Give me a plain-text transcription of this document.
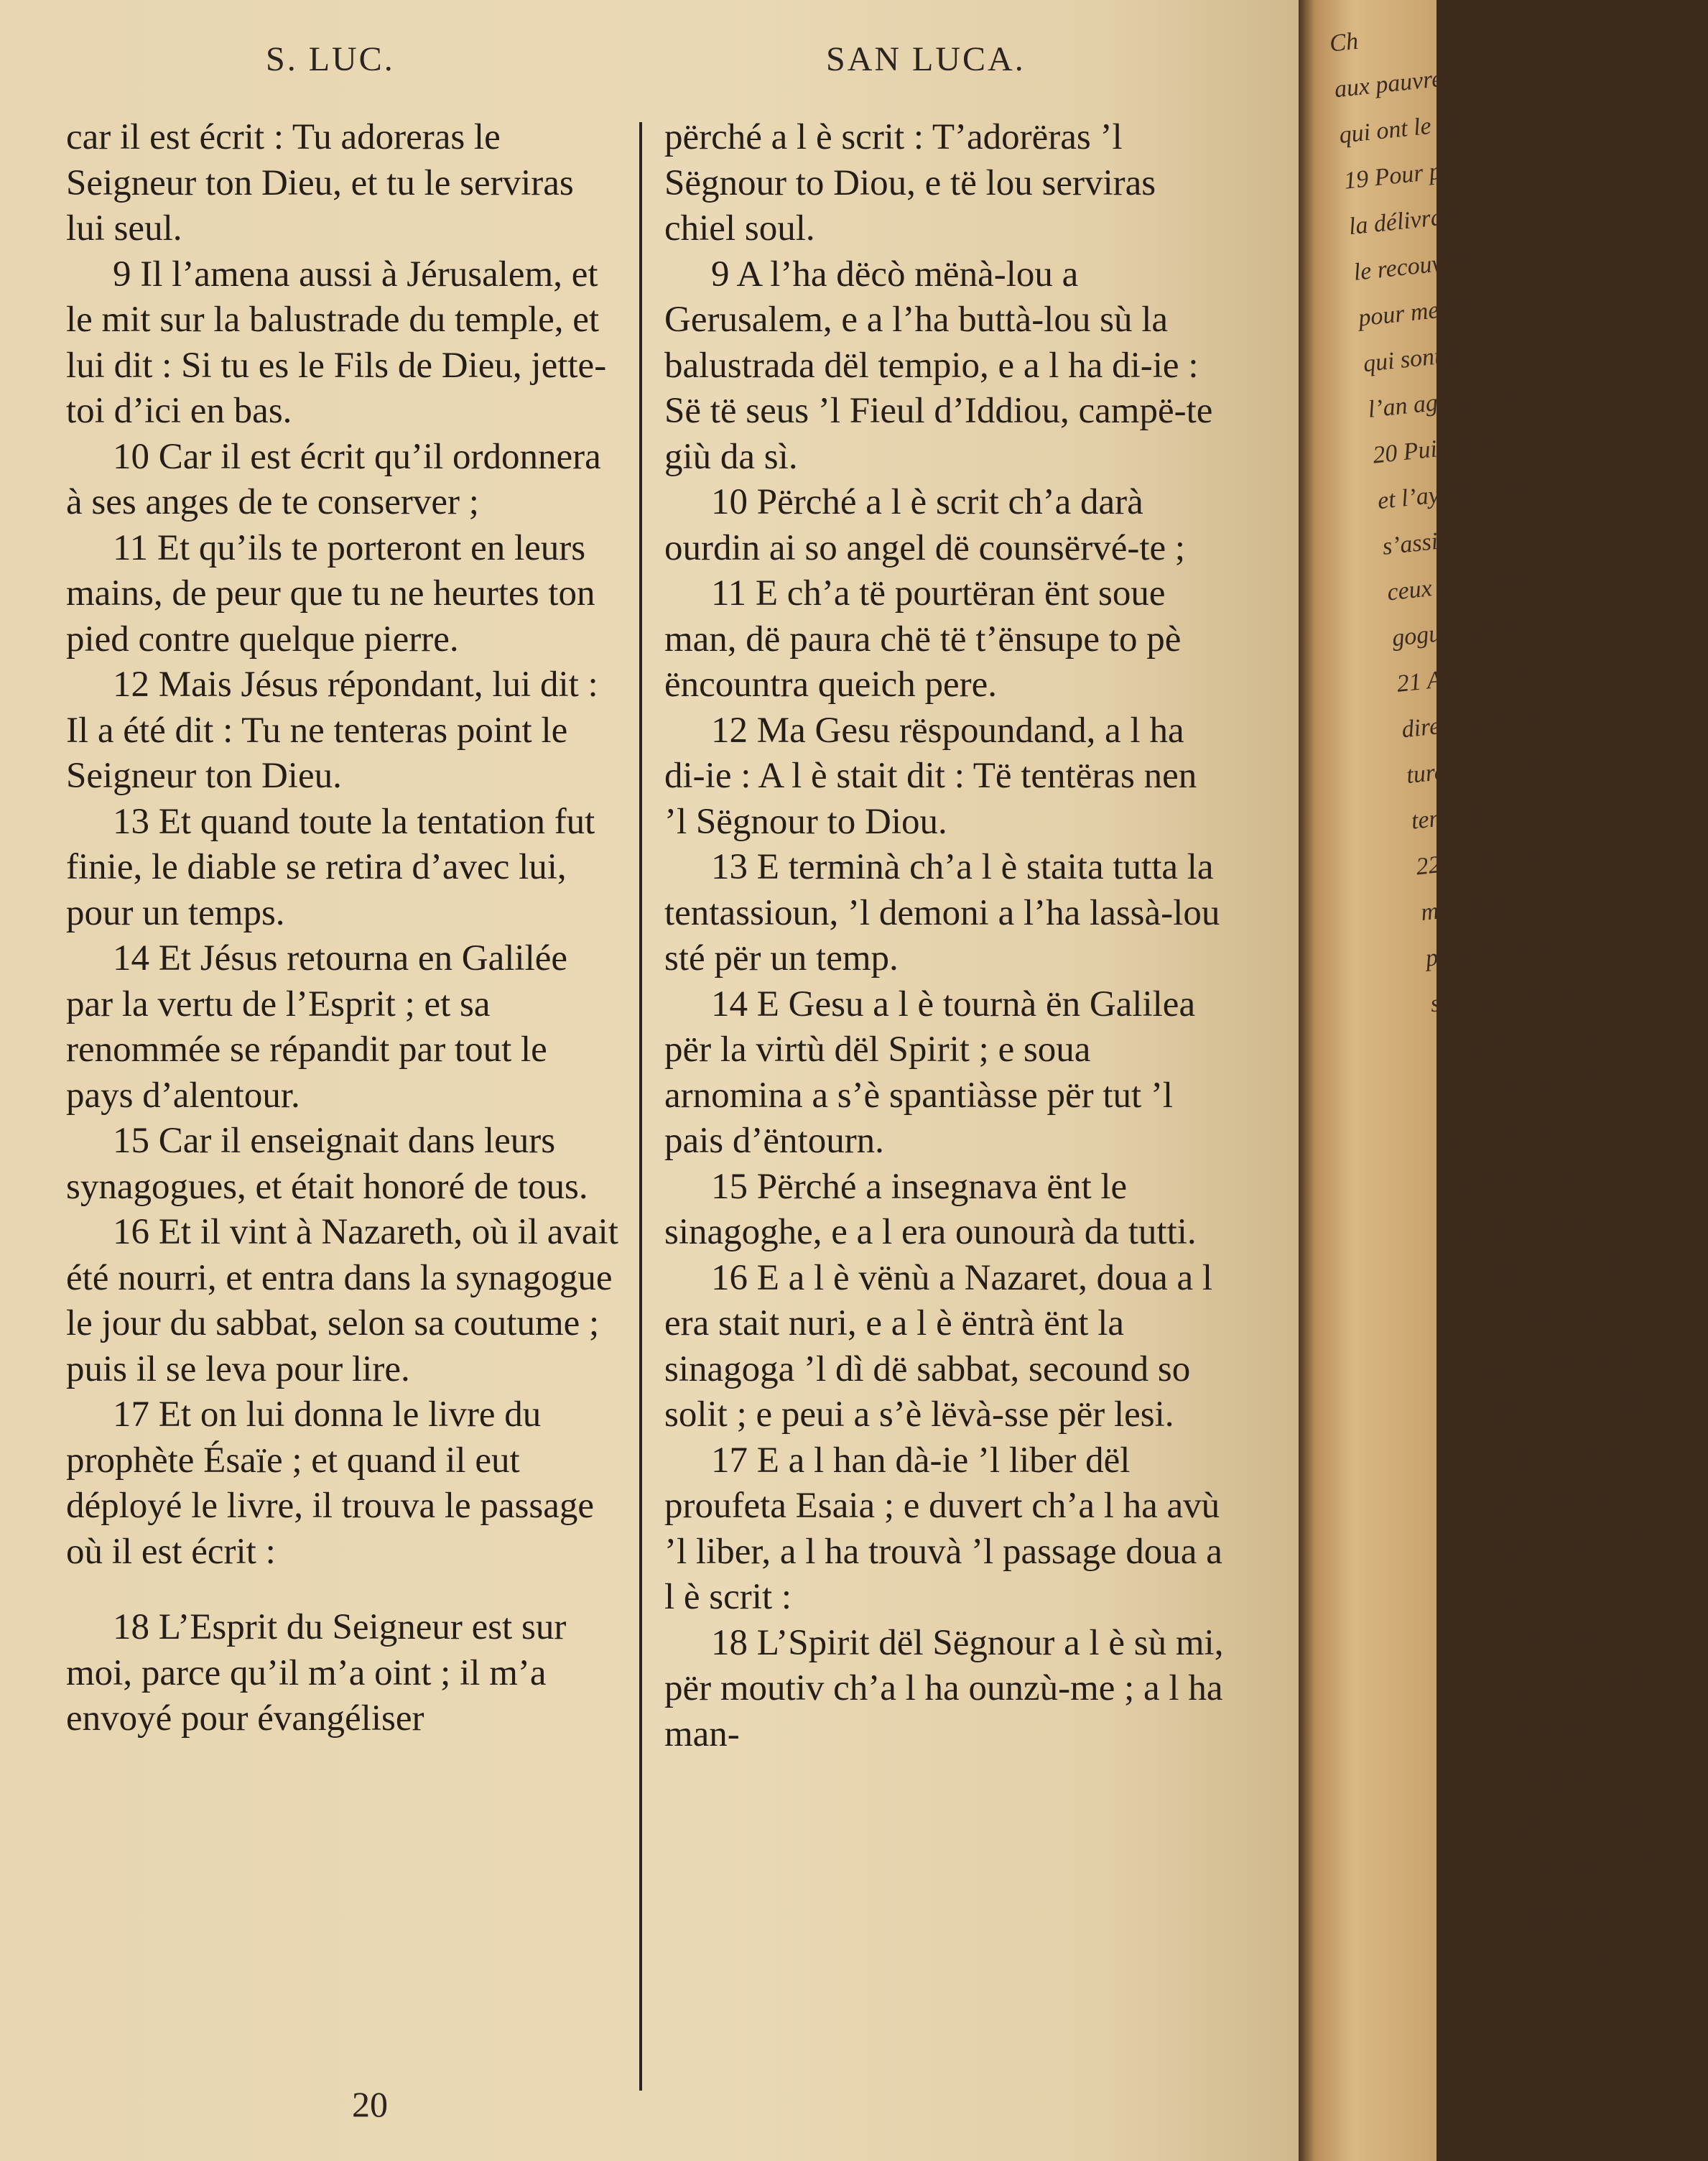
S. LUC.	SAN LUCA.

car il est écrit : Tu adoreras le Seigneur ton Dieu, et tu le serviras lui seul.

9 Il l’amena aussi à Jérusalem, et le mit sur la balustrade du temple, et lui dit : Si tu es le Fils de Dieu, jette-toi d’ici en bas.

10 Car il est écrit qu’il ordonnera à ses anges de te conserver ;

11 Et qu’ils te porteront en leurs mains, de peur que tu ne heurtes ton pied contre quelque pierre.

12 Mais Jésus répondant, lui dit : Il a été dit : Tu ne tenteras point le Seigneur ton Dieu.

13 Et quand toute la tentation fut finie, le diable se retira d’avec lui, pour un temps.

14 Et Jésus retourna en Galilée par la vertu de l’Esprit ; et sa renommée se répandit par tout le pays d’alentour.

15 Car il enseignait dans leurs synagogues, et était honoré de tous.

16 Et il vint à Nazareth, où il avait été nourri, et entra dans la synagogue le jour du sabbat, selon sa coutume ; puis il se leva pour lire.

17 Et on lui donna le livre du prophète Ésaïe ; et quand il eut déployé le livre, il trouva le passage où il est écrit :

18 L’Esprit du Seigneur est sur moi, parce qu’il m’a oint ; il m’a envoyé pour évangéliser

përché a l è scrit : T’adorëras ’l Sëgnour to Diou, e të lou serviras chiel soul.

9 A l’ha dëcò mënà-lou a Gerusalem, e a l’ha buttà-lou sù la balustrada dël tempio, e a l ha di-ie : Së të seus ’l Fieul d’Iddiou, campë-te giù da sì.

10 Përché a l è scrit ch’a darà ourdin ai so angel dë counsërvé-te ;

11 E ch’a të pourtëran ënt soue man, dë paura chë të t’ënsupe to pè ëncountra queich pere.

12 Ma Gesu rëspoundand, a l ha di-ie : A l è stait dit : Të tentëras nen ’l Sëgnour to Diou.

13 E terminà ch’a l è staita tutta la tentassioun, ’l demoni a l’ha lassà-lou sté për un temp.

14 E Gesu a l è tournà ën Galilea për la virtù dël Spirit ; e soua arnomina a s’è spantiàsse për tut ’l pais d’ëntourn.

15 Përché a insegnava ënt le sinagoghe, e a l era ounourà da tutti.

16 E a l è vënù a Nazaret, doua a l era stait nuri, e a l è ëntrà ënt la sinagoga ’l dì dë sabbat, secound so solit ; e peui a s’è lëvà-sse për lesi.

17 E a l han dà-ie ’l liber dël proufeta Esaia ; e duvert ch’a l ha avù ’l liber, a l ha trouvà ’l passage doua a l è scrit :

18 L’Spirit dël Sëgnour a l è sù mi, për moutiv ch’a l ha ounzù-me ; a l ha man-

20
Ch
aux pauvres ;
qui ont le cœ
19 Pour p
la délivrance,
le recouvrem
pour mettre
qui sont foulés
l’an agréable d
20 Puis ayan
et l’ayant rendu
s’assit ; et les
ceux qui étaien
gogue étaient a
21 Alors il co
dire : Aujourd’
ture est accomp
tendant.
22 Et tous lu
moignage, et s’
paroles pleines
sortaient de sa b
disaient : Celui-c
le fils de Joseph ?
23 Et il leur
ment vous me c
verbe : Médecin
toi-même ; et fais
pays, toutes les
nous avons ouï d
faites à Capernaü
24 Mais il leur
rité je vous dis,
phète n’est bien
pays ;
25 Et certes
qu’il y avait pl
en Israël, du
lorsque le ciel
ans et six mois
y eut une gran
tout le pays.
26 Et toutes
